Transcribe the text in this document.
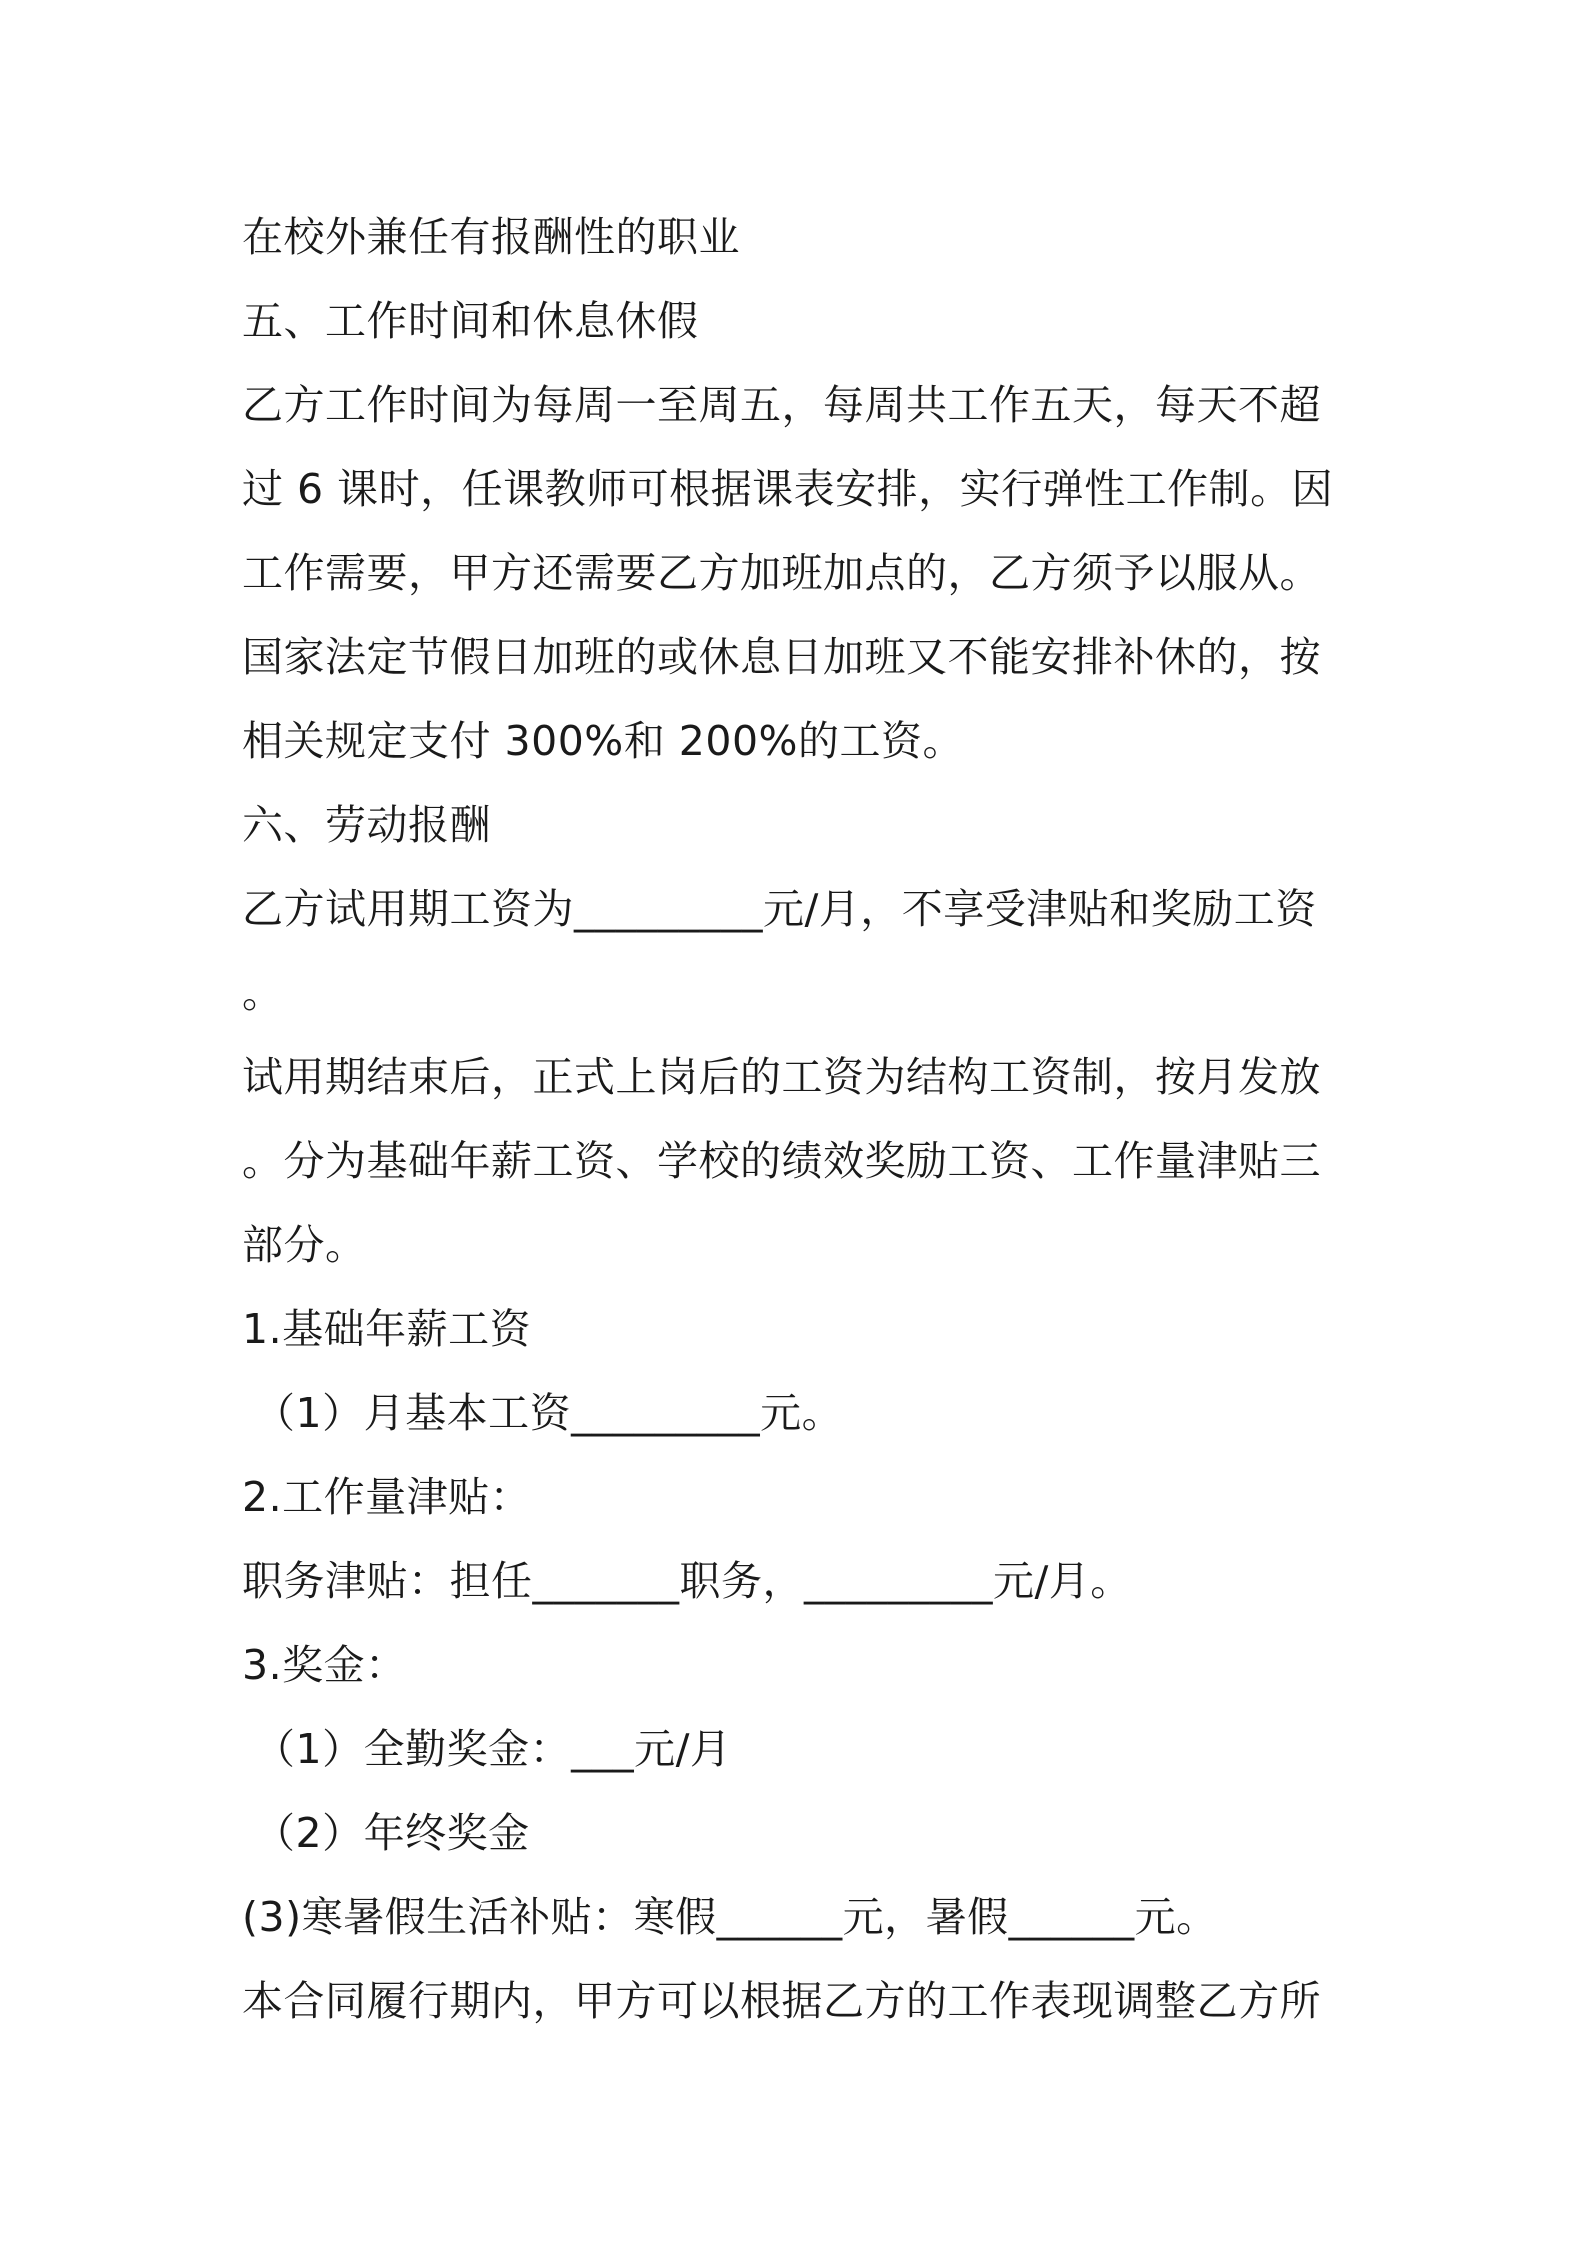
在校外兼任有报酬性的职业
五、工作时间和休息休假
乙方工作时间为每周一至周五，每周共工作五天，每天不超
过 6 课时，任课教师可根据课表安排，实行弹性工作制。因
工作需要，甲方还需要乙方加班加点的，乙方须予以服从。
国家法定节假日加班的或休息日加班又不能安排补休的，按
相关规定支付 300%和 200%的工资。
六、劳动报酬
乙方试用期工资为_________元/月，不享受津贴和奖励工资
。
试用期结束后，正式上岗后的工资为结构工资制，按月发放
。分为基础年薪工资、学校的绩效奖励工资、工作量津贴三
部分。
1.基础年薪工资
（1）月基本工资_________元。
2.工作量津贴：
职务津贴：担任_______职务，_________元/月。
3.奖金：
（1）全勤奖金：___元/月
（2）年终奖金
(3)寒暑假生活补贴：寒假______元，暑假______元。
本合同履行期内，甲方可以根据乙方的工作表现调整乙方所
